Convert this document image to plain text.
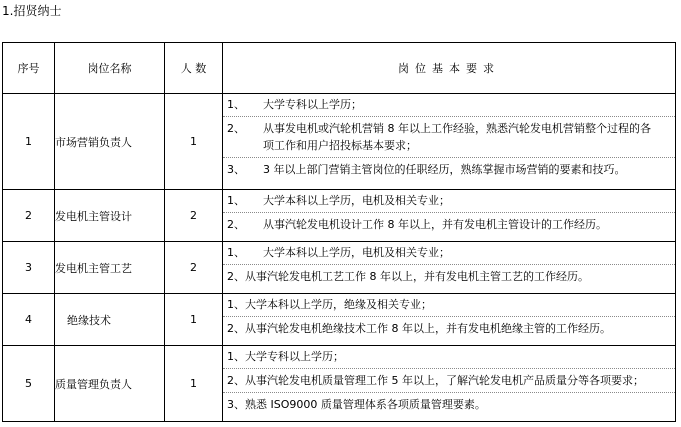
1.招贤纳士
序号	岗位名称	人 数	岗位基本要求
1	市场营销负责人	1	1、 大学专科以上学历；
2、 从事发电机或汽轮机营销 8 年以上工作经验，熟悉汽轮发电机营销整个过程的各
项工作和用户招投标基本要求；
3、 3 年以上部门营销主管岗位的任职经历，熟练掌握市场营销的要素和技巧。

2	发电机主管设计	2	1、 大学本科以上学历，电机及相关专业；
2、 从事汽轮发电机设计工作 8 年以上，并有发电机主管设计的工作经历。

3	发电机主管工艺	2	1、 大学本科以上学历，电机及相关专业；
2、从事汽轮发电机工艺工作 8 年以上，并有发电机主管工艺的工作经历。

4	绝缘技术	1	1、大学本科以上学历，绝缘及相关专业；
2、从事汽轮发电机绝缘技术工作 8 年以上，并有发电机绝缘主管的工作经历。

5	质量管理负责人	1	1、大学专科以上学历；
2、从事汽轮发电机质量管理工作 5 年以上，了解汽轮发电机产品质量分等各项要求；
3、熟悉 ISO9000 质量管理体系各项质量管理要素。
